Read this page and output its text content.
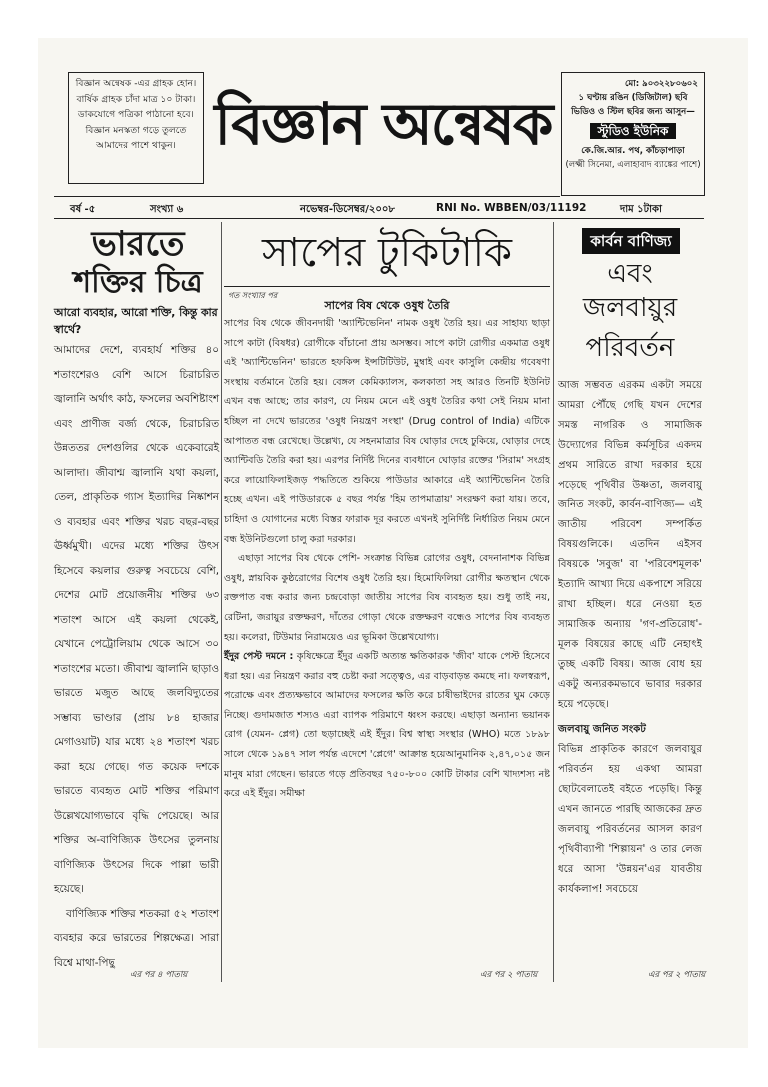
বিজ্ঞান অন্বেষক -এর গ্রাহক হোন। বার্ষিক গ্রাহক চাঁদা মাত্র ১০ টাকা। ডাকযোগে পত্রিকা পাঠানো হবে। বিজ্ঞান মনস্কতা গড়ে তুলতে আমাদের পাশে থাকুন। বিজ্ঞান অন্বেষক
মো: ৯০৩২২৮০৬০২
১ ঘণ্টায় রঙিন (ডিজিটাল) ছবি
ভিডিও ও স্টিল ছবির জন্য আসুন—
স্টুডিও ইউনিক
কে.জি.আর. পথ, কাঁচড়াপাড়া
(লক্ষ্মী সিনেমা, এলাহাবাদ ব্যাঙ্কের পাশে)
বর্ষ -৫	সংখ্যা ৬	নভেম্বর-ডিসেম্বর/২০০৮	RNI No. WBBEN/03/11192	দাম ১টাকা
ভারতে
শক্তির চিত্র
আরো ব্যবহার, আরো শক্তি, কিন্তু কার স্বার্থে?

আমাদের দেশে, ব্যবহার্য শক্তির ৪০ শতাংশেরও বেশি আসে চিরাচরিত জ্বালানি অর্থাৎ কাঠ, ফসলের অবশিষ্টাংশ এবং প্রাণীজ বর্জ্য থেকে, চিরাচরিত উন্নততর দেশগুলির থেকে একেবারেই আলাদা। জীবাশ্ম জ্বালানি যথা কয়লা, তেল, প্রাকৃতিক গ্যাস ইত্যাদির নিষ্কাশন ও ব্যবহার এবং শক্তির খরচ বছর-বছর ঊর্ধ্বমুখী। এদের মধ্যে শক্তির উৎস হিসেবে কয়লার গুরুত্ব সবচেয়ে বেশি, দেশের মোট প্রয়োজনীয় শক্তির ৬৩ শতাংশ আসে এই কয়লা থেকেই, যেখানে পেট্রোলিয়াম থেকে আসে ৩০ শতাংশের মতো। জীবাশ্ম জ্বালানি ছাড়াও ভারতে মজুত আছে জলবিদ্যুতের সম্ভাব্য ভাণ্ডার (প্রায় ৮৪ হাজার মেগাওয়াট) যার মধ্যে ২৪ শতাংশ খরচ করা হয়ে গেছে। গত কয়েক দশকে ভারতে ব্যবহৃত মোট শক্তির পরিমাণ উল্লেখযোগ্যভাবে বৃদ্ধি পেয়েছে। আর শক্তির অ-বাণিজ্যিক উৎসের তুলনায় বাণিজ্যিক উৎসের দিকে পাল্লা ভারী হয়েছে।

বাণিজ্যিক শক্তির শতকরা ৫২ শতাংশ ব্যবহার করে ভারতের শিল্পক্ষেত্র। সারা বিশ্বে মাথা-পিছু

এর পর ৪ পাতায়
সাপের টুকিটাকি
গত সংখ্যার পর
সাপের বিষ থেকে ওষুধ তৈরি

সাপের বিষ থেকে জীবনদায়ী 'অ্যান্টিভেনিন' নামক ওষুধ তৈরি হয়। এর সাহায্য ছাড়া সাপে কাটা (বিষধর) রোগীকে বাঁচানো প্রায় অসম্ভব। সাপে কাটা রোগীর একমাত্র ওষুধ এই 'অ্যান্টিভেনিন' ভারতে হফকিন্স ইন্সটিটিউট, মুম্বাই এবং কাসুলি কেন্দ্রীয় গবেষণা সংস্থায় বর্তমানে তৈরি হয়। বেঙ্গল কেমিক্যালস, কলকাতা সহ আরও তিনটি ইউনিট এখন বন্ধ আছে; তার কারণ, যে নিয়ম মেনে এই ওষুধ তৈরির কথা সেই নিয়ম মানা হচ্ছিল না দেখে ভারতের 'ওষুধ নিয়ন্ত্রণ সংস্থা' (Drug control of India) এটিকে আপাতত বন্ধ রেখেছে। উল্লেখ্য, যে সহনমাত্রার বিষ ঘোড়ার দেহে ঢুকিয়ে, ঘোড়ার দেহে অ্যান্টিবডি তৈরি করা হয়। এরপর নির্দিষ্ট দিনের ব্যবধানে ঘোড়ার রক্তের 'সিরাম' সংগ্রহ করে লায়োফিলাইজড় পদ্ধতিতে শুকিয়ে পাউডার আকারে এই অ্যান্টিভেনিন তৈরি হচ্ছে এখন। এই পাউডারকে ৫ বছর পর্যন্ত 'হিম তাপমাত্রায়' সংরক্ষণ করা যায়। তবে, চাহিদা ও যোগানের মধ্যে বিস্তর ফারাক দূর করতে এখনই সুনির্দিষ্ট নির্ধারিত নিয়ম মেনে বন্ধ ইউনিটগুলো চালু করা দরকার।

এছাড়া সাপের বিষ থেকে পেশি- সংক্রান্ত বিভিন্ন রোগের ওষুধ, বেদনানাশক বিভিন্ন ওষুধ, স্নায়বিক কুষ্ঠরোগের বিশেষ ওষুধ তৈরি হয়। হিমোফিলিয়া রোগীর ক্ষতস্থান থেকে রক্তপাত বন্ধ করার জন্য চন্দ্রবোড়া জাতীয় সাপের বিষ ব্যবহৃত হয়। শুধু তাই নয়, রেটিনা, জরায়ুর রক্তক্ষরণ, দাঁতের গোড়া থেকে রক্তক্ষরণ বন্ধেও সাপের বিষ ব্যবহৃত হয়। কলেরা, টিউমার নিরাময়েও এর ভূমিকা উল্লেখযোগ্য।

ইঁদুর পেস্ট দমনে : কৃষিক্ষেত্রে ইঁদুর একটি অত্যন্ত ক্ষতিকারক 'জীব' যাকে পেস্ট হিসেবে ধরা হয়। এর নিয়ন্ত্রণ করার বহু চেষ্টা করা সত্ত্বেও, এর বাড়বাড়ন্ত কমছে না। ফলস্বরূপ, পরোক্ষে এবং প্রত্যক্ষভাবে আমাদের ফসলের ক্ষতি করে চাষীভাইদের রাতের ঘুম কেড়ে নিচ্ছে। গুদামজাত শস্যও এরা ব্যাপক পরিমাণে ধ্বংস করছে। এছাড়া অন্যান্য ভয়ানক রোগ (যেমন- প্লেগ) তো ছড়াচ্ছেই এই ইঁদুর। বিশ্ব স্বাস্থ্য সংস্থার (WHO) মতে ১৮৯৮ সালে থেকে ১৯৪৭ সাল পর্যন্ত এদেশে 'প্লেগে' আক্রান্ত হয়েআনুমানিক ২,৪৭,০১৫ জন মানুষ মারা গেছেন। ভারতে গড়ে প্রতিবছর ৭৫০-৮০০ কোটি টাকার বেশি খাদ্যশস্য নষ্ট করে এই ইঁদুর। সমীক্ষা

এর পর ২ পাতায়
কার্বন বাণিজ্য
এবং
জলবায়ুর
পরিবর্তন

আজ সম্ভবত এরকম একটা সময়ে আমরা পৌঁছে গেছি যখন দেশের সমস্ত নাগরিক ও সামাজিক উদ্যোগের বিভিন্ন কর্মসূচির একদম প্রথম সারিতে রাখা দরকার হয়ে পড়েছে পৃথিবীর উষ্ণতা, জলবায়ু জনিত সংকট, কার্বন-বাণিজ্য— এই জাতীয় পরিবেশ সম্পর্কিত বিষয়গুলিকে। এতদিন এইসব বিষয়কে 'সবুজ' বা 'পরিবেশমূলক' ইত্যাদি আখ্যা দিয়ে একপাশে সরিয়ে রাখা হচ্ছিল। ধরে নেওয়া হত সামাজিক অন্যায় 'গণ-প্রতিরোধ'-মূলক বিষয়ের কাছে এটি নেহাৎই তুচ্ছ একটি বিষয়। আজ বোধ হয় একটু অন্যরকমভাবে ভাবার দরকার হয়ে পড়েছে।

জলবায়ু জনিত সংকট

বিভিন্ন প্রাকৃতিক কারণে জলবায়ুর পরিবর্তন হয় একথা আমরা ছোটবেলাতেই বইতে পড়েছি। কিন্তু এখন জানতে পারছি আজকের দ্রুত জলবায়ু পরিবর্তনের আসল কারণ পৃথিবীব্যাপী 'শিল্পায়ন' ও তার লেজ ধরে আসা 'উন্নয়ন'এর যাবতীয় কার্যকলাপ! সবচেয়ে

এর পর ২ পাতায়
